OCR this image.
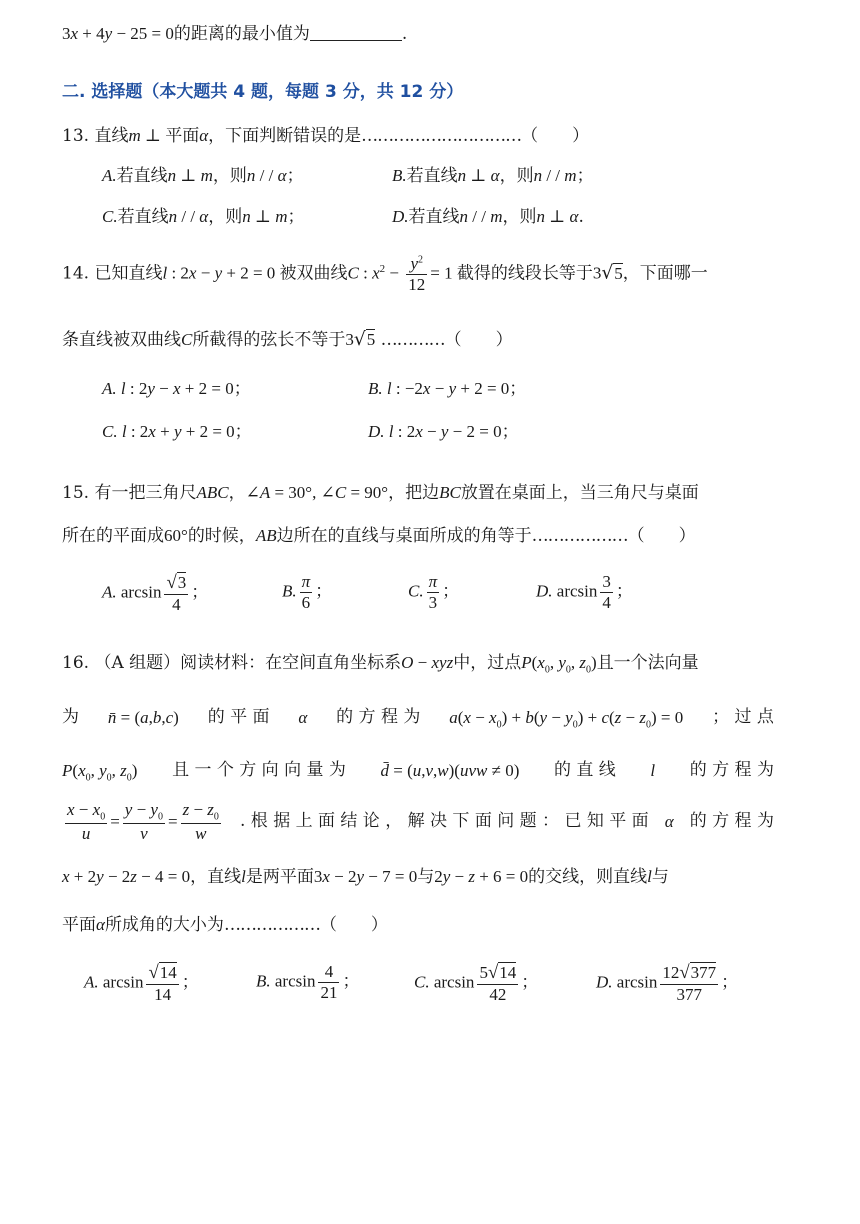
3x + 4y − 25 = 0的距离的最小值为	.
二. 选择题（本大题共 4 题，每题 3 分，共 12 分）
13. 直线m ⊥ 平面α，下面判断错误的是…………………………（　　）
A.若直线n ⊥ m，则n / / α；	B.若直线n ⊥ α，则n / / m；
C.若直线n / / α，则n ⊥ m；	D.若直线n / / m，则n ⊥ α.
14. 已知直线l : 2x − y + 2 = 0 被双曲线C : $x^2 - \frac{y^2}{12} = 1$ 截得的线段长等于3√5，下面哪一
条直线被双曲线C所截得的弦长不等于3√5 …………（　　）
A. l : 2y − x + 2 = 0；	B. l : −2x − y + 2 = 0；
C. l : 2x + y + 2 = 0；	D. l : 2x − y − 2 = 0；
15. 有一把三角尺ABC，∠A = 30°, ∠C = 90°，把边BC放置在桌面上，当三角尺与桌面
所在的平面成60°的时候，AB边所在的直线与桌面所成的角等于………………（　　）
A. $\arcsin \frac{√3}{4}$ ；	B. $\frac{\pi}{6}$ ；	C. $\frac{\pi}{3}$ ；	D. $\arcsin \frac{3}{4}$ ；
16. （A 组题）阅读材料：在空间直角坐标系O − xyz中，过点$P(x_0$, $y_0$, $z_0$)且一个法向量
为 n̄ = (a,b,c) 的 平 面 α 的 方 程 为 $a(x - x_0) + b(y - y_0) + c(z - z_0) = 0$ ； 过 点
$P(x_0$, $y_0$, $z_0$) 且 一 个 方 向 向 量 为 d̄ = (u,v,w)(uvw ≠ 0) 的 直 线 l 的 方 程 为
$\frac{x - x_0}{u} = \frac{y - y_0}{v} = \frac{z - z_0}{w}$ . 根 据 上 面 结 论 ， 解 决 下 面 问 题 ： 已 知 平 面 α 的 方 程 为
x + 2y − 2z − 4 = 0，直线l是两平面3x − 2y − 7 = 0与2y − z + 6 = 0的交线，则直线l与
平面α所成角的大小为………………（　　）
A. $\arcsin \frac{√14}{14}$ ；	B. $\arcsin \frac{4}{21}$ ；	C. $\arcsin \frac{5√14}{42}$ ；	D. $\arcsin \frac{12√377}{377}$ ；
